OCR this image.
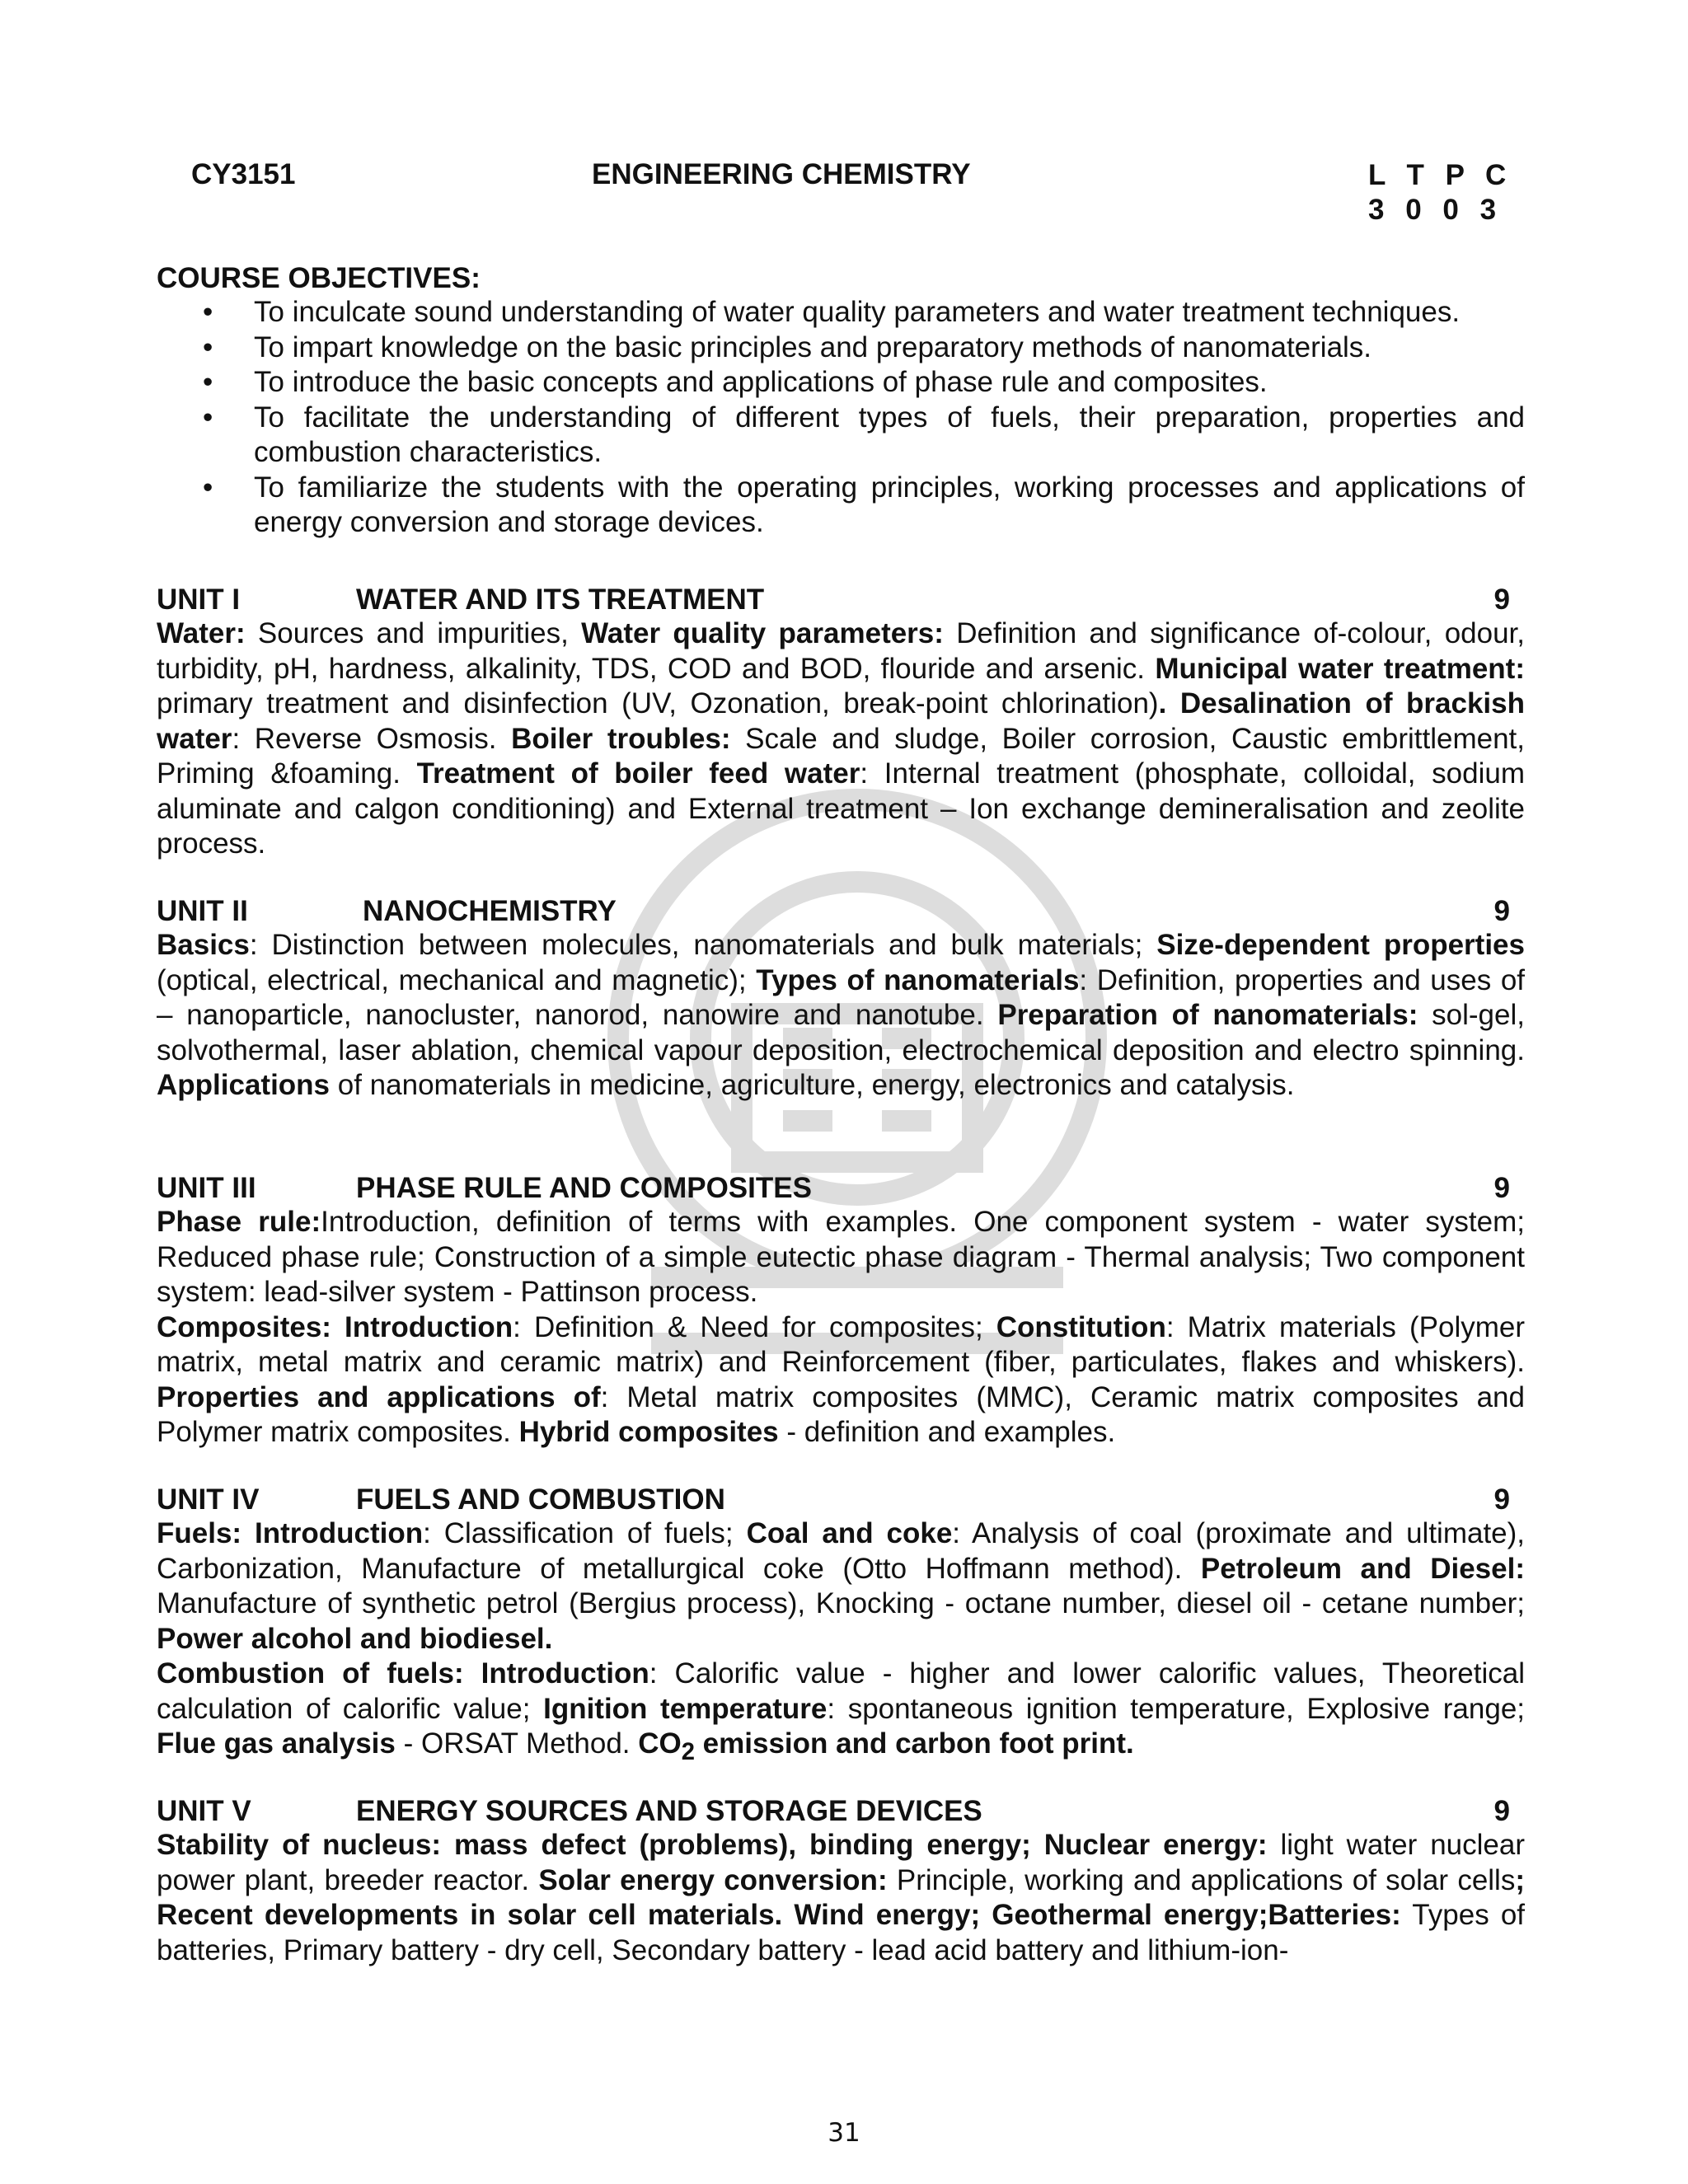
CY3151	ENGINEERING CHEMISTRY	L T P C
3 0 0 3
COURSE OBJECTIVES:
• To inculcate sound understanding of water quality parameters and water treatment techniques.
• To impart knowledge on the basic principles and preparatory methods of nanomaterials.
• To introduce the basic concepts and applications of phase rule and composites.
• To facilitate the understanding of different types of fuels, their preparation, properties and combustion characteristics.
• To familiarize the students with the operating principles, working processes and applications of energy conversion and storage devices.
UNIT I	WATER AND ITS TREATMENT	9

Water: Sources and impurities, Water quality parameters: Definition and significance of-colour, odour, turbidity, pH, hardness, alkalinity, TDS, COD and BOD, flouride and arsenic. Municipal water treatment: primary treatment and disinfection (UV, Ozonation, break-point chlorination). Desalination of brackish water: Reverse Osmosis. Boiler troubles: Scale and sludge, Boiler corrosion, Caustic embrittlement, Priming &foaming. Treatment of boiler feed water: Internal treatment (phosphate, colloidal, sodium aluminate and calgon conditioning) and External treatment – Ion exchange demineralisation and zeolite process.

UNIT II	NANOCHEMISTRY	9

Basics: Distinction between molecules, nanomaterials and bulk materials; Size-dependent properties (optical, electrical, mechanical and magnetic); Types of nanomaterials: Definition, properties and uses of – nanoparticle, nanocluster, nanorod, nanowire and nanotube. Preparation of nanomaterials: sol-gel, solvothermal, laser ablation, chemical vapour deposition, electrochemical deposition and electro spinning. Applications of nanomaterials in medicine, agriculture, energy, electronics and catalysis.

UNIT III	PHASE RULE AND COMPOSITES	9

Phase rule:Introduction, definition of terms with examples. One component system - water system; Reduced phase rule; Construction of a simple eutectic phase diagram - Thermal analysis; Two component system: lead-silver system - Pattinson process.

Composites: Introduction: Definition & Need for composites; Constitution: Matrix materials (Polymer matrix, metal matrix and ceramic matrix) and Reinforcement (fiber, particulates, flakes and whiskers). Properties and applications of: Metal matrix composites (MMC), Ceramic matrix composites and Polymer matrix composites. Hybrid composites - definition and examples.

UNIT IV	FUELS AND COMBUSTION	9

Fuels: Introduction: Classification of fuels; Coal and coke: Analysis of coal (proximate and ultimate), Carbonization, Manufacture of metallurgical coke (Otto Hoffmann method). Petroleum and Diesel: Manufacture of synthetic petrol (Bergius process), Knocking - octane number, diesel oil - cetane number; Power alcohol and biodiesel.

Combustion of fuels: Introduction: Calorific value - higher and lower calorific values, Theoretical calculation of calorific value; Ignition temperature: spontaneous ignition temperature, Explosive range; Flue gas analysis - ORSAT Method. $CO_2$ emission and carbon foot print.

UNIT V	ENERGY SOURCES AND STORAGE DEVICES	9

Stability of nucleus: mass defect (problems), binding energy; Nuclear energy: light water nuclear power plant, breeder reactor. Solar energy conversion: Principle, working and applications of solar cells; Recent developments in solar cell materials. Wind energy; Geothermal energy;Batteries: Types of batteries, Primary battery - dry cell, Secondary battery - lead acid battery and lithium-ion-

31
